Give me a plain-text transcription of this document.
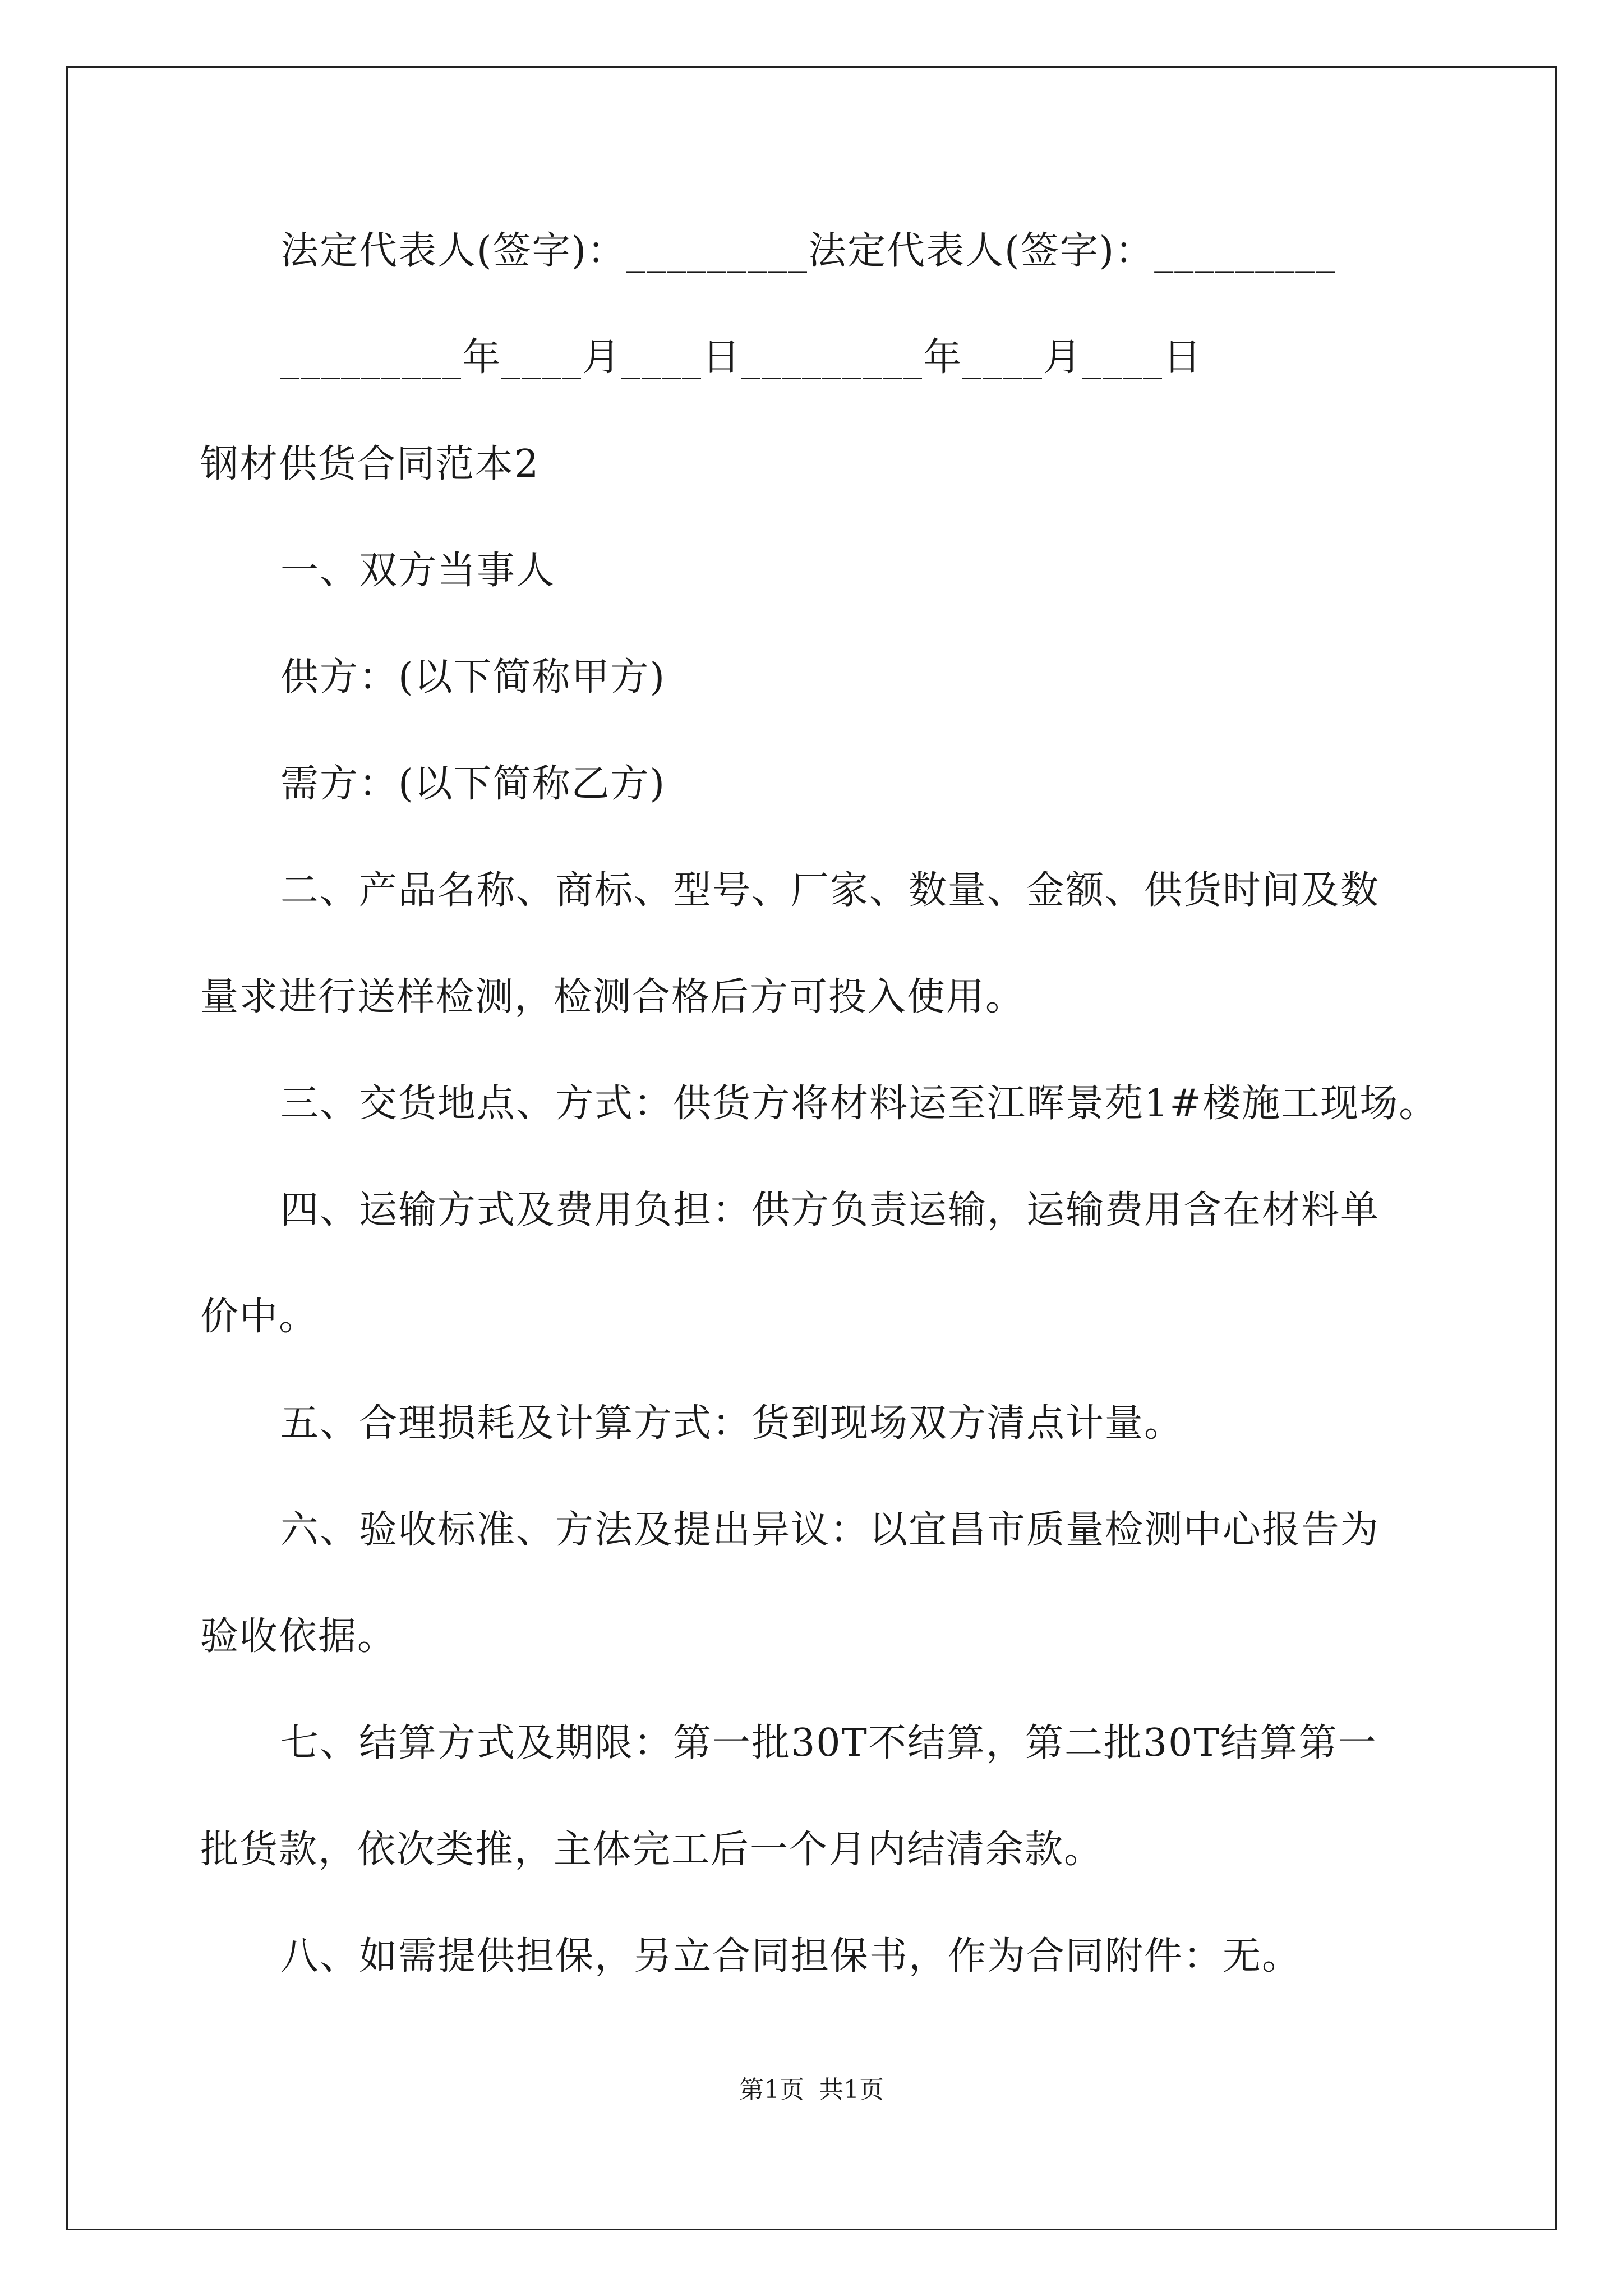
法定代表人(签字)：_________法定代表人(签字)：_________
_________年____月____日_________年____月____日
钢材供货合同范本2
一、双方当事人
供方：(以下简称甲方)
需方：(以下简称乙方)
二、产品名称、商标、型号、厂家、数量、金额、供货时间及数
量求进行送样检测，检测合格后方可投入使用。
三、交货地点、方式：供货方将材料运至江晖景苑1#楼施工现场。
四、运输方式及费用负担：供方负责运输，运输费用含在材料单
价中。
五、合理损耗及计算方式：货到现场双方清点计量。
六、验收标准、方法及提出异议：以宜昌市质量检测中心报告为
验收依据。
七、结算方式及期限：第一批30T不结算，第二批30T结算第一
批货款，依次类推，主体完工后一个月内结清余款。
八、如需提供担保，另立合同担保书，作为合同附件：无。
第1页 共1页
